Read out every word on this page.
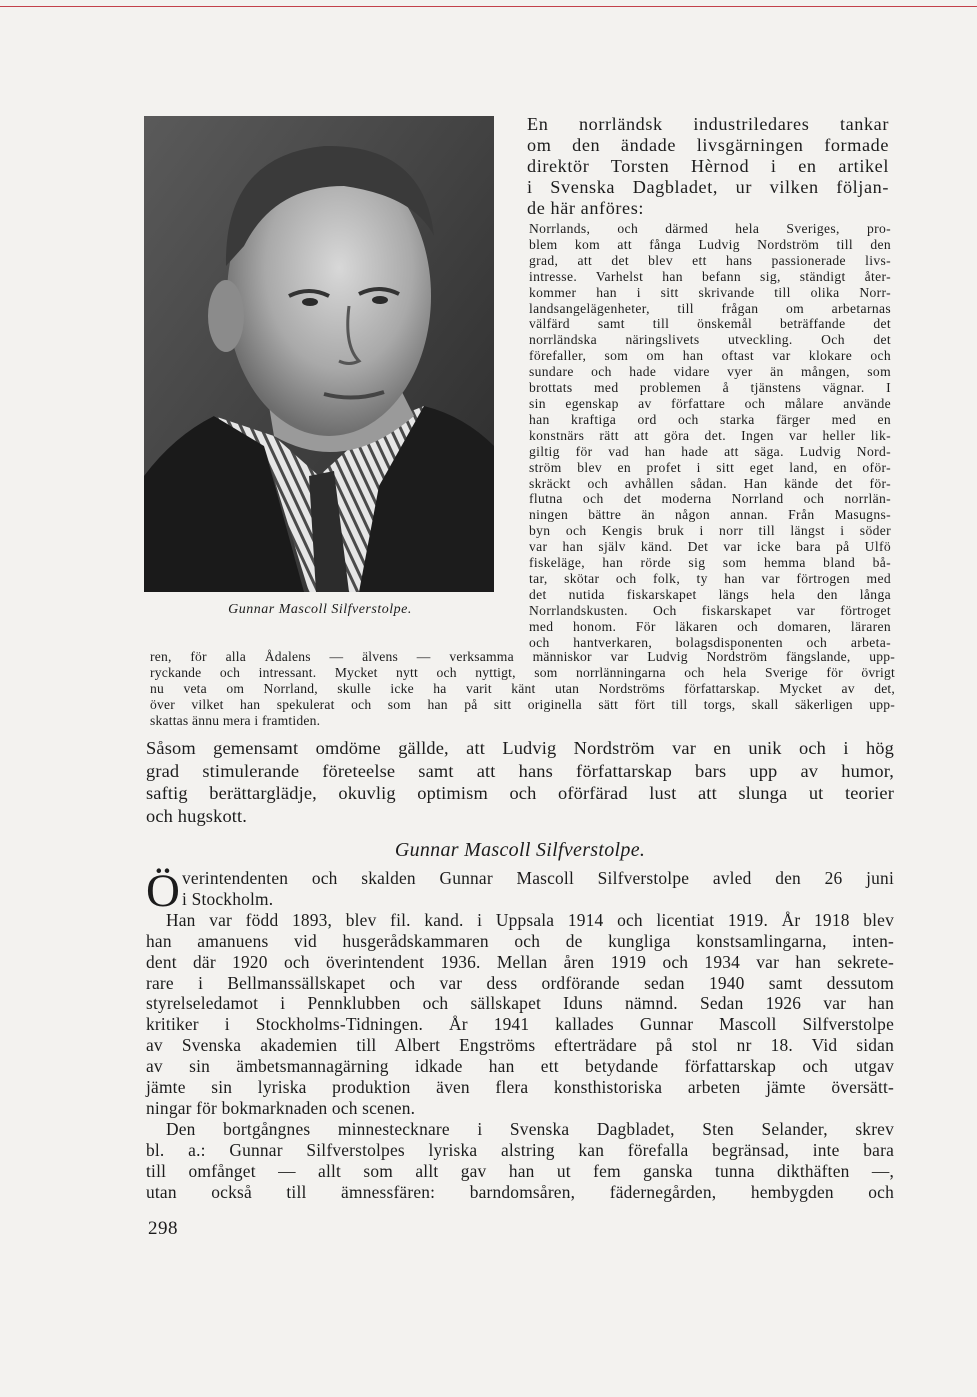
Gunnar Mascoll Silfverstolpe.
En norrländsk industriledares tankar
om den ändade livsgärningen formade
direktör Torsten Hèrnod i en artikel
i Svenska Dagbladet, ur vilken följan-
de här anföres:
Norrlands, och därmed hela Sveriges, pro-
blem kom att fånga Ludvig Nordström till den
grad, att det blev ett hans passionerade livs-
intresse. Varhelst han befann sig, ständigt åter-
kommer han i sitt skrivande till olika Norr-
landsangelägenheter, till frågan om arbetarnas
välfärd samt till önskemål beträffande det
norrländska näringslivets utveckling. Och det
förefaller, som om han oftast var klokare och
sundare och hade vidare vyer än mången, som
brottats med problemen å tjänstens vägnar. I
sin egenskap av författare och målare använde
han kraftiga ord och starka färger med en
konstnärs rätt att göra det. Ingen var heller lik-
giltig för vad han hade att säga. Ludvig Nord-
ström blev en profet i sitt eget land, en oför-
skräckt och avhållen sådan. Han kände det för-
flutna och det moderna Norrland och norrlän-
ningen bättre än någon annan. Från Masugns-
byn och Kengis bruk i norr till längst i söder
var han själv känd. Det var icke bara på Ulfö
fiskeläge, han rörde sig som hemma bland bå-
tar, skötar och folk, ty han var förtrogen med
det nutida fiskarskapet längs hela den långa
Norrlandskusten. Och fiskarskapet var förtroget
med honom. För läkaren och domaren, läraren
och hantverkaren, bolagsdisponenten och arbeta-
ren, för alla Ådalens — älvens — verksamma människor var Ludvig Nordström fängslande, upp-
ryckande och intressant. Mycket nytt och nyttigt, som norrlänningarna och hela Sverige för övrigt
nu veta om Norrland, skulle icke ha varit känt utan Nordströms författarskap. Mycket av det,
över vilket han spekulerat och som han på sitt originella sätt fört till torgs, skall säkerligen upp-
skattas ännu mera i framtiden.
Såsom gemensamt omdöme gällde, att Ludvig Nordström var en unik och i hög
grad stimulerande företeelse samt att hans författarskap bars upp av humor,
saftig berättarglädje, okuvlig optimism och oförfärad lust att slunga ut teorier
och hugskott.
Gunnar Mascoll Silfverstolpe.
Ö verintendenten och skalden Gunnar Mascoll Silfverstolpe avled den 26 juni
i Stockholm.
Han var född 1893, blev fil. kand. i Uppsala 1914 och licentiat 1919. År 1918 blev
han amanuens vid husgerådskammaren och de kungliga konstsamlingarna, inten-
dent där 1920 och överintendent 1936. Mellan åren 1919 och 1934 var han sekrete-
rare i Bellmanssällskapet och var dess ordförande sedan 1940 samt dessutom
styrelseledamot i Pennklubben och sällskapet Iduns nämnd. Sedan 1926 var han
kritiker i Stockholms-Tidningen. År 1941 kallades Gunnar Mascoll Silfverstolpe
av Svenska akademien till Albert Engströms efterträdare på stol nr 18. Vid sidan
av sin ämbetsmannagärning idkade han ett betydande författarskap och utgav
jämte sin lyriska produktion även flera konsthistoriska arbeten jämte översätt-
ningar för bokmarknaden och scenen.
Den bortgångnes minnestecknare i Svenska Dagbladet, Sten Selander, skrev
bl. a.: Gunnar Silfverstolpes lyriska alstring kan förefalla begränsad, inte bara
till omfånget — allt som allt gav han ut fem ganska tunna dikthäften —,
utan också till ämnessfären: barndomsåren, fädernegården, hembygden och
298
